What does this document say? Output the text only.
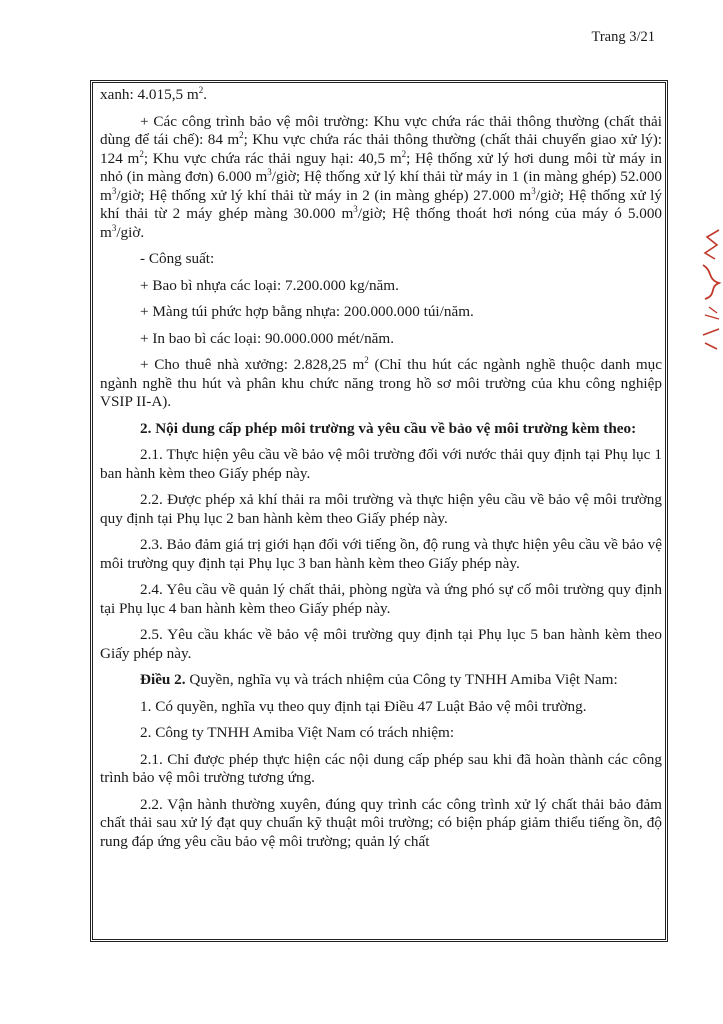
Trang 3/21

xanh: 4.015,5 $m^2$.

+ Các công trình bảo vệ môi trường: Khu vực chứa rác thải thông thường (chất thải dùng để tái chế): 84 $m^2$; Khu vực chứa rác thải thông thường (chất thải chuyển giao xử lý): 124 $m^2$; Khu vực chứa rác thải nguy hại: 40,5 $m^2$; Hệ thống xử lý hơi dung môi từ máy in nhỏ (in màng đơn) 6.000 $m^3$/giờ; Hệ thống xử lý khí thải từ máy in 1 (in màng ghép) 52.000 $m^3$/giờ; Hệ thống xử lý khí thải từ máy in 2 (in màng ghép) 27.000 $m^3$/giờ; Hệ thống xử lý khí thải từ 2 máy ghép màng 30.000 $m^3$/giờ; Hệ thống thoát hơi nóng của máy ó 5.000 $m^3$/giờ.

- Công suất:

+ Bao bì nhựa các loại: 7.200.000 kg/năm.

+ Màng túi phức hợp bằng nhựa: 200.000.000 túi/năm.

+ In bao bì các loại: 90.000.000 mét/năm.

+ Cho thuê nhà xưởng: 2.828,25 $m^2$ (Chỉ thu hút các ngành nghề thuộc danh mục ngành nghề thu hút và phân khu chức năng trong hồ sơ môi trường của khu công nghiệp VSIP II-A).

2. Nội dung cấp phép môi trường và yêu cầu về bảo vệ môi trường kèm theo:

2.1. Thực hiện yêu cầu về bảo vệ môi trường đối với nước thải quy định tại Phụ lục 1 ban hành kèm theo Giấy phép này.

2.2. Được phép xả khí thải ra môi trường và thực hiện yêu cầu về bảo vệ môi trường quy định tại Phụ lục 2 ban hành kèm theo Giấy phép này.

2.3. Bảo đảm giá trị giới hạn đối với tiếng ồn, độ rung và thực hiện yêu cầu về bảo vệ môi trường quy định tại Phụ lục 3 ban hành kèm theo Giấy phép này.

2.4. Yêu cầu về quản lý chất thải, phòng ngừa và ứng phó sự cố môi trường quy định tại Phụ lục 4 ban hành kèm theo Giấy phép này.

2.5. Yêu cầu khác về bảo vệ môi trường quy định tại Phụ lục 5 ban hành kèm theo Giấy phép này.

Điều 2. Quyền, nghĩa vụ và trách nhiệm của Công ty TNHH Amiba Việt Nam:

1. Có quyền, nghĩa vụ theo quy định tại Điều 47 Luật Bảo vệ môi trường.

2. Công ty TNHH Amiba Việt Nam có trách nhiệm:

2.1. Chỉ được phép thực hiện các nội dung cấp phép sau khi đã hoàn thành các công trình bảo vệ môi trường tương ứng.

2.2. Vận hành thường xuyên, đúng quy trình các công trình xử lý chất thải bảo đảm chất thải sau xử lý đạt quy chuẩn kỹ thuật môi trường; có biện pháp giảm thiểu tiếng ồn, độ rung đáp ứng yêu cầu bảo vệ môi trường; quản lý chất
